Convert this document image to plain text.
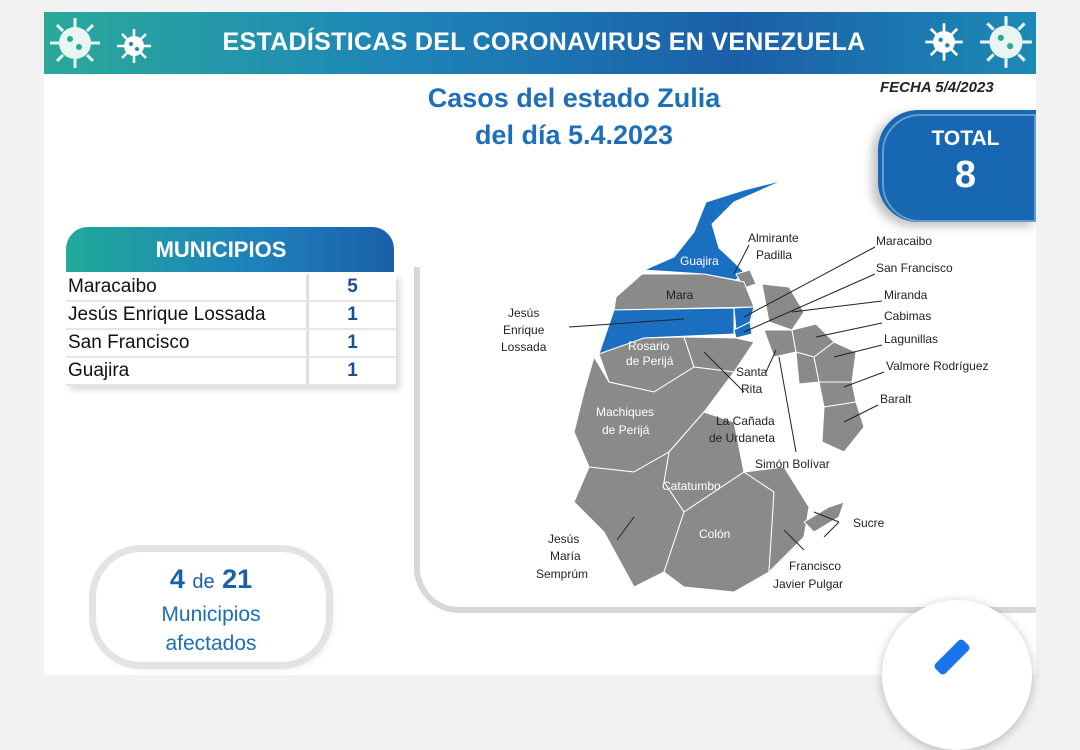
ESTADÍSTICAS DEL CORONAVIRUS EN VENEZUELA
FECHA 5/4/2023
Casos del estado Zulia
del día 5.4.2023	TOTAL
8
MUNICIPIOS
Maracaibo	5
Jesús Enrique Lossada	1
San Francisco	1
Guajira	1
4 de 21
Municipios
afectados
Guajira
Almirante
Padilla
Maracaibo
San Francisco
Miranda
Cabimas
Lagunillas
Valmore Rodríguez
Baralt
Mara
Jesús
Enrique
Lossada	Rosario
de Perijá
Santa
Rita
Machiques
de Perijá
La Cañada
de Urdaneta
Simón Bolívar
Catatumbo
Sucre
Colón
Jesús
María
Semprúm
Francisco
Javier Pulgar
